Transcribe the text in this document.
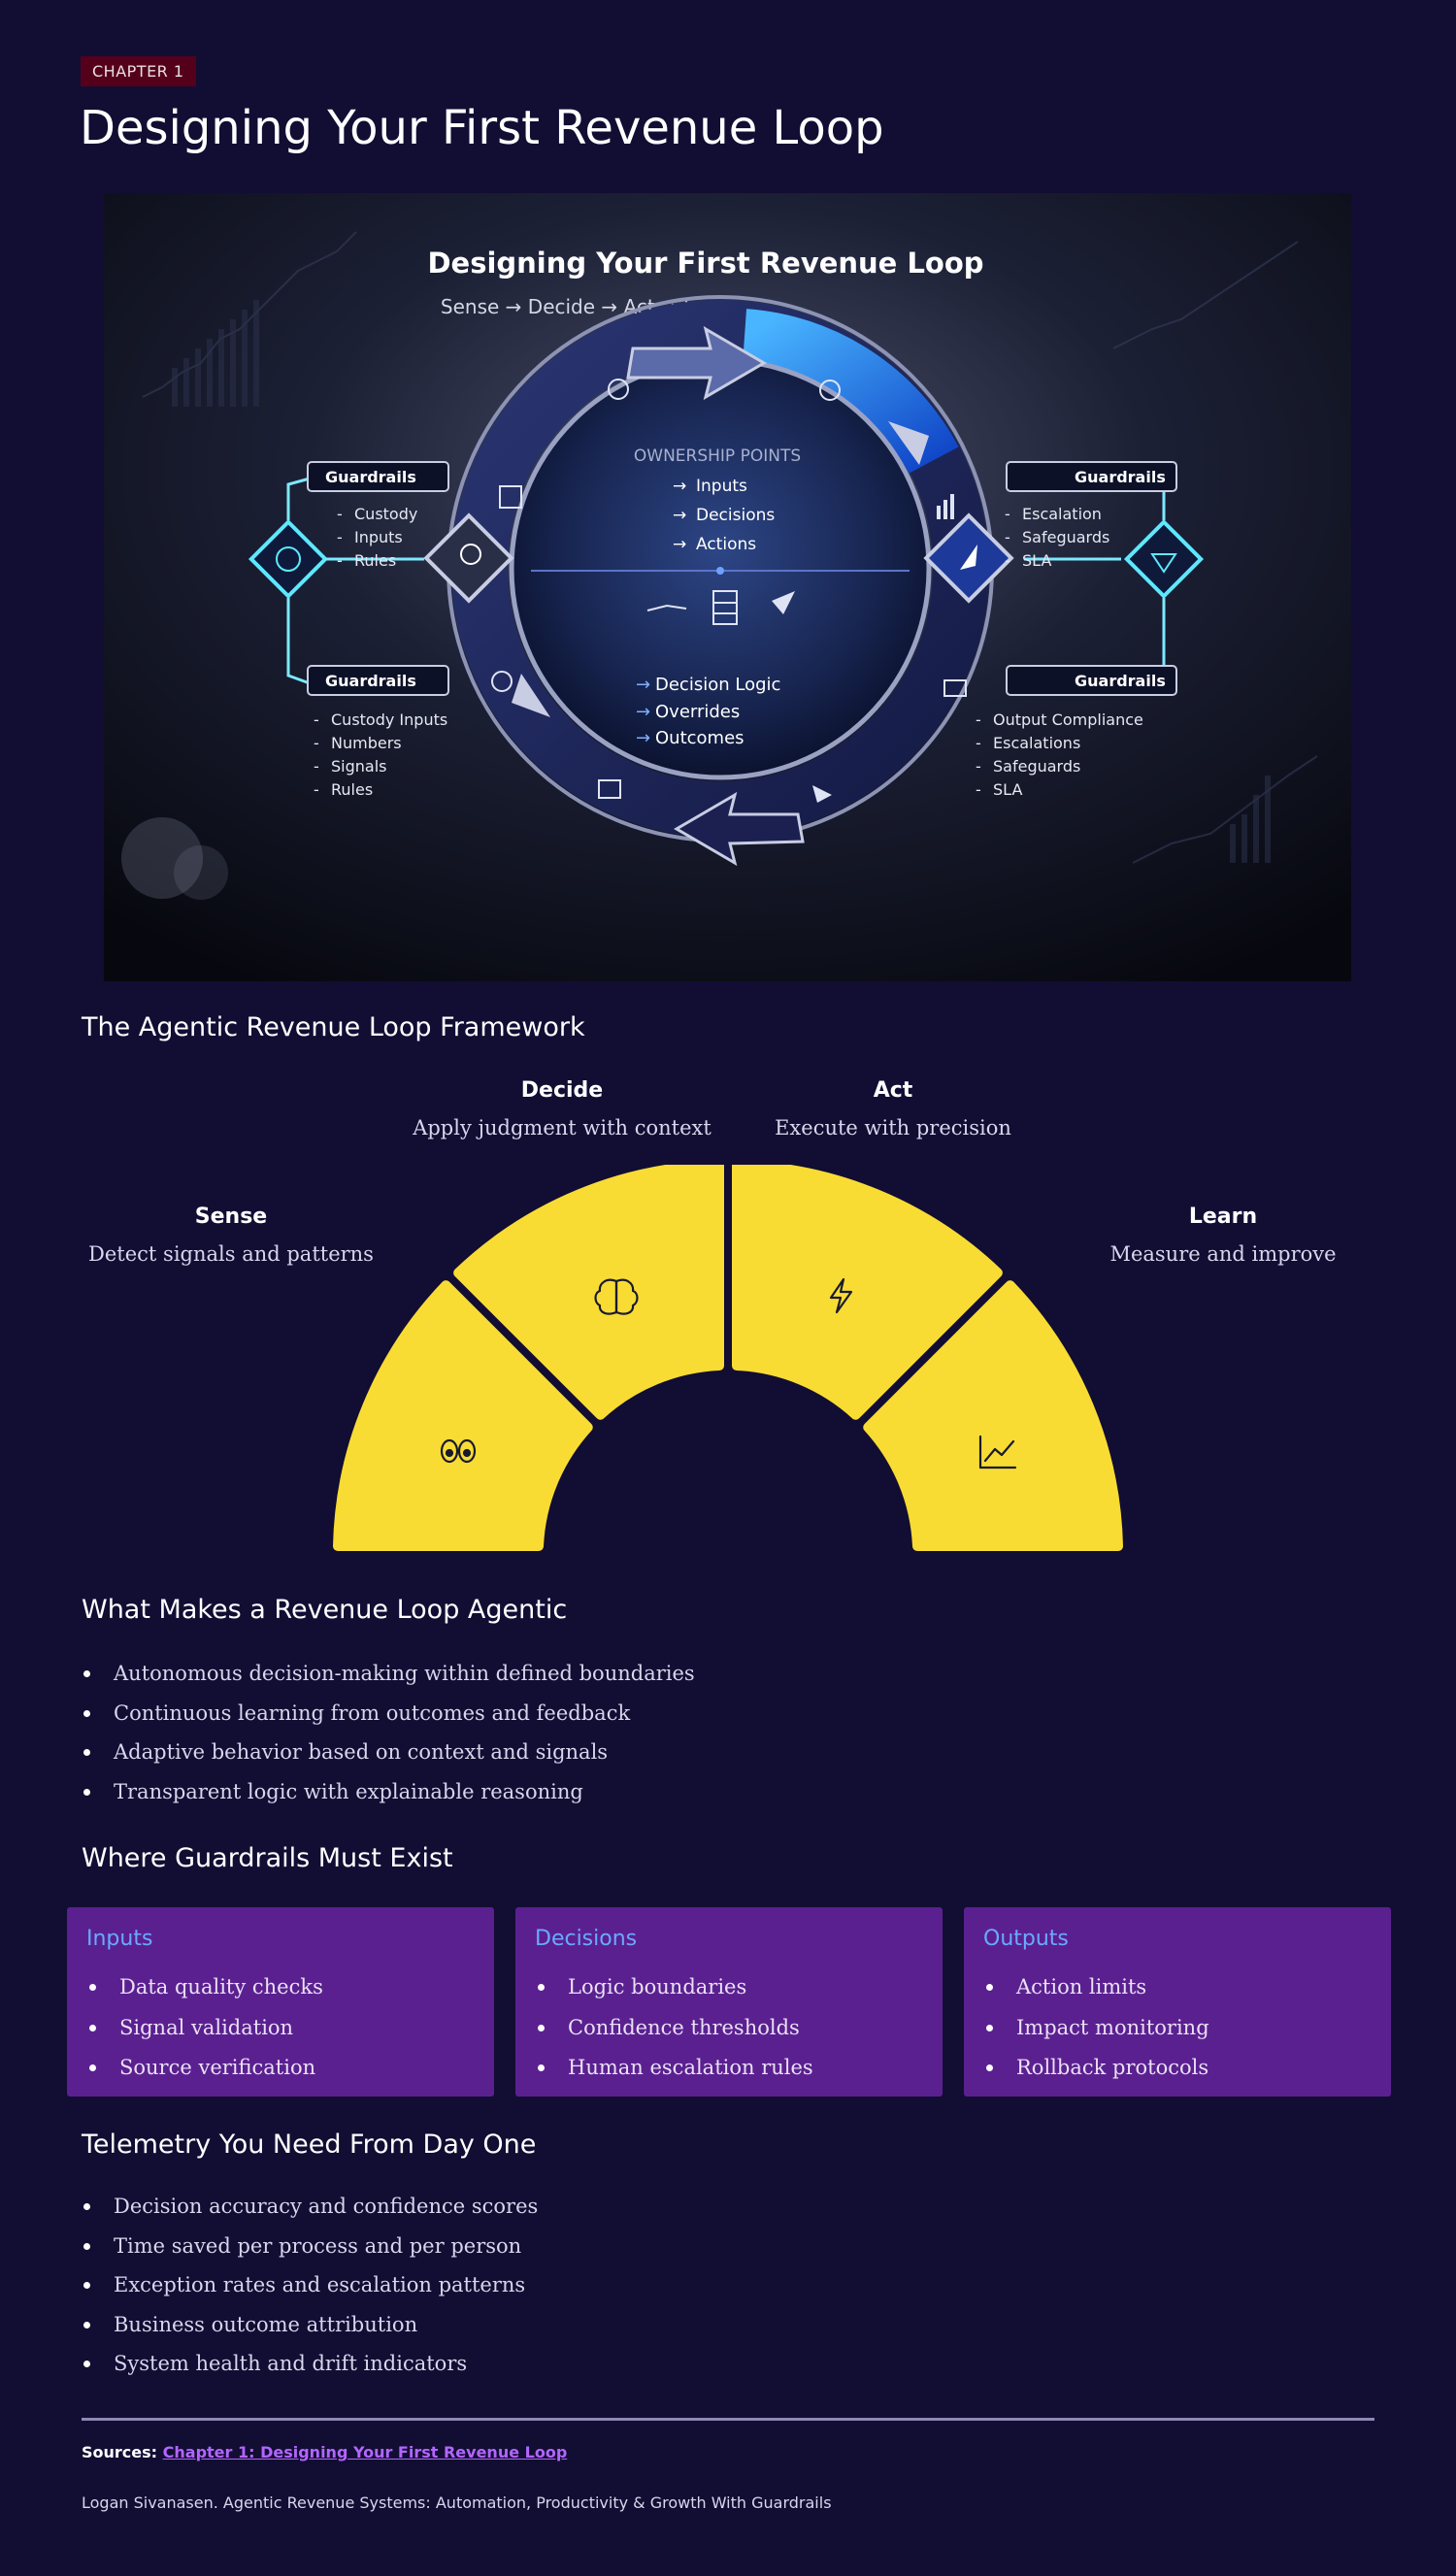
CHAPTER 1
Designing Your First Revenue Loop
Designing Your First Revenue Loop
Sense → Decide → Act → Learn
OWNERSHIP POINTS
→ Inputs
→ Decisions
→ Actions
→ Decision Logic
→ Overrides
→ Outcomes
Guardrails
- Custody
- Inputs
- Rules
Guardrails
- Custody Inputs
- Numbers
- Signals
- Rules
Guardrails
- Escalation
- Safeguards
- SLA
Guardrails
- Output Compliance
- Escalations
- Safeguards
- SLA
The Agentic Revenue Loop Framework
Sense
Detect signals and patterns
Decide
Apply judgment with context
Act
Execute with precision
Learn
Measure and improve
What Makes a Revenue Loop Agentic
Autonomous decision-making within defined boundaries
Continuous learning from outcomes and feedback
Adaptive behavior based on context and signals
Transparent logic with explainable reasoning
Where Guardrails Must Exist
Inputs
Data quality checks
Signal validation
Source verification
Decisions
Logic boundaries
Confidence thresholds
Human escalation rules
Outputs
Action limits
Impact monitoring
Rollback protocols
Telemetry You Need From Day One
Decision accuracy and confidence scores
Time saved per process and per person
Exception rates and escalation patterns
Business outcome attribution
System health and drift indicators
Sources: Chapter 1: Designing Your First Revenue Loop
Logan Sivanasen. Agentic Revenue Systems: Automation, Productivity & Growth With Guardrails
